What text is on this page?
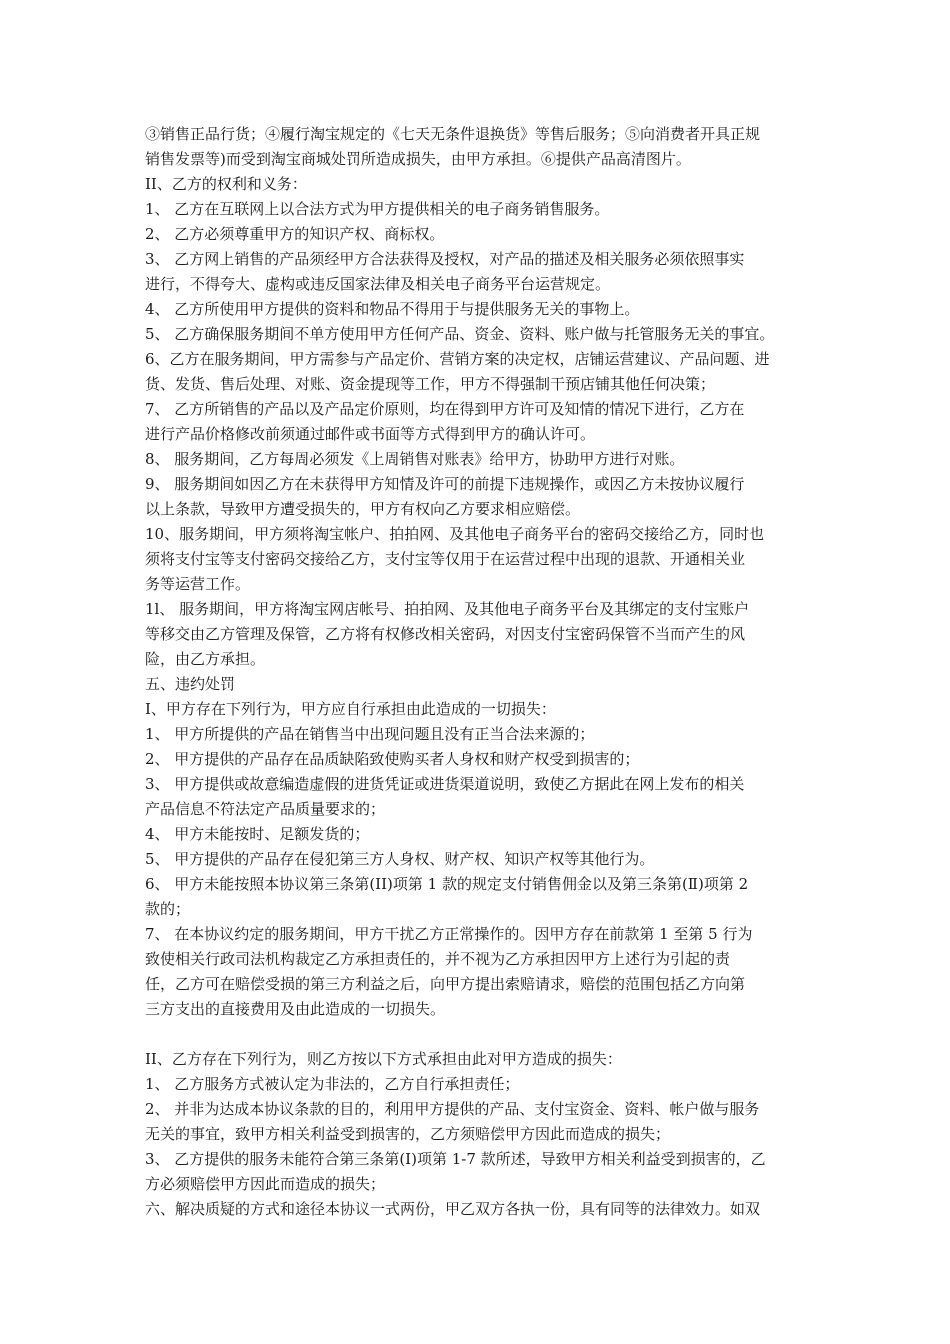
③销售正品行货；④履行淘宝规定的《七天无条件退换货》等售后服务；⑤向消费者开具正规
销售发票等)而受到淘宝商城处罚所造成损失，由甲方承担。⑥提供产品高清图片。
II、乙方的权利和义务：
1、 乙方在互联网上以合法方式为甲方提供相关的电子商务销售服务。
2、 乙方必须尊重甲方的知识产权、商标权。
3、 乙方网上销售的产品须经甲方合法获得及授权，对产品的描述及相关服务必须依照事实
进行，不得夸大、虚构或违反国家法律及相关电子商务平台运营规定。
4、 乙方所使用甲方提供的资料和物品不得用于与提供服务无关的事物上。
5、 乙方确保服务期间不单方使用甲方任何产品、资金、资料、账户做与托管服务无关的事宜。
6、乙方在服务期间，甲方需参与产品定价、营销方案的决定权，店铺运营建议、产品问题、进
货、发货、售后处理、对账、资金提现等工作，甲方不得强制干预店铺其他任何决策；
7、 乙方所销售的产品以及产品定价原则，均在得到甲方许可及知情的情况下进行，乙方在
进行产品价格修改前须通过邮件或书面等方式得到甲方的确认许可。
8、 服务期间，乙方每周必须发《上周销售对账表》给甲方，协助甲方进行对账。
9、 服务期间如因乙方在未获得甲方知情及许可的前提下违规操作，或因乙方未按协议履行
以上条款，导致甲方遭受损失的，甲方有权向乙方要求相应赔偿。
10、服务期间，甲方须将淘宝帐户、拍拍网、及其他电子商务平台的密码交接给乙方，同时也
须将支付宝等支付密码交接给乙方，支付宝等仅用于在运营过程中出现的退款、开通相关业
务等运营工作。
1l、 服务期间，甲方将淘宝网店帐号、拍拍网、及其他电子商务平台及其绑定的支付宝账户
等移交由乙方管理及保管，乙方将有权修改相关密码，对因支付宝密码保管不当而产生的风
险，由乙方承担。
五、违约处罚
I、甲方存在下列行为，甲方应自行承担由此造成的一切损失：
1、 甲方所提供的产品在销售当中出现问题且没有正当合法来源的；
2、 甲方提供的产品存在品质缺陷致使购买者人身权和财产权受到损害的；
3、 甲方提供或故意编造虚假的进货凭证或进货渠道说明，致使乙方据此在网上发布的相关
产品信息不符法定产品质量要求的；
4、 甲方未能按时、足额发货的；
5、 甲方提供的产品存在侵犯第三方人身权、财产权、知识产权等其他行为。
6、 甲方未能按照本协议第三条第(II)项第 1 款的规定支付销售佣金以及第三条第(Ⅱ)项第 2
款的；
7、 在本协议约定的服务期间，甲方干扰乙方正常操作的。因甲方存在前款第 1 至第 5 行为
致使相关行政司法机构裁定乙方承担责任的，并不视为乙方承担因甲方上述行为引起的责
任，乙方可在赔偿受损的第三方利益之后，向甲方提出索赔请求，赔偿的范围包括乙方向第
三方支出的直接费用及由此造成的一切损失。
II、乙方存在下列行为，则乙方按以下方式承担由此对甲方造成的损失：
1、 乙方服务方式被认定为非法的，乙方自行承担责任；
2、 并非为达成本协议条款的目的，利用甲方提供的产品、支付宝资金、资料、帐户做与服务
无关的事宜，致甲方相关利益受到损害的，乙方须赔偿甲方因此而造成的损失；
3、 乙方提供的服务未能符合第三条第(I)项第 1-7 款所述，导致甲方相关利益受到损害的，乙
方必须赔偿甲方因此而造成的损失；
六、解决质疑的方式和途径本协议一式两份，甲乙双方各执一份，具有同等的法律效力。如双
